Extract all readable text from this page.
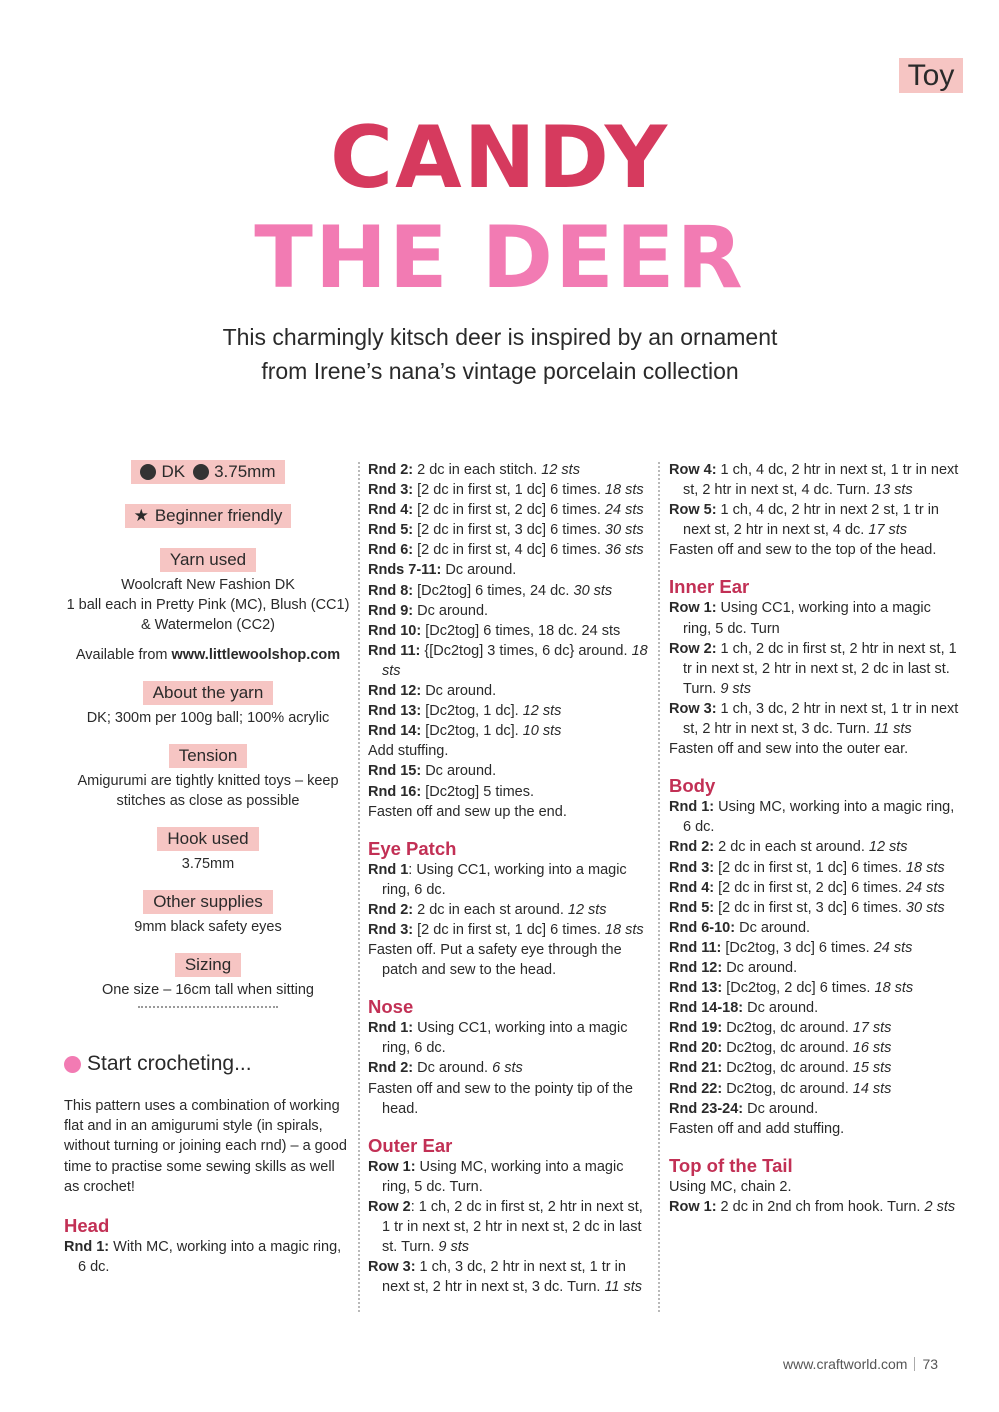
Toy
CANDY
THE DEER
This charmingly kitsch deer is inspired by an ornament from Irene’s nana’s vintage porcelain collection
DK 3.75mm
★ Beginner friendly
Yarn used

Woolcraft New Fashion DK

1 ball each in Pretty Pink (MC), Blush (CC1)

& Watermelon (CC2)

Available from www.littlewoolshop.com

About the yarn

DK; 300m per 100g ball; 100% acrylic

Tension

Amigurumi are tightly knitted toys – keep

stitches as close as possible

Hook used

3.75mm

Other supplies

9mm black safety eyes

Sizing

One size – 16cm tall when sitting

Start crocheting...
This pattern uses a combination of working flat and in an amigurumi style (in spirals, without turning or joining each rnd) – a good time to practise some sewing skills as well as crochet!
Head
Rnd 1: With MC, working into a magic ring, 6 dc.
Rnd 2: 2 dc in each stitch. 12 sts
Rnd 3: [2 dc in first st, 1 dc] 6 times. 18 sts
Rnd 4: [2 dc in first st, 2 dc] 6 times. 24 sts
Rnd 5: [2 dc in first st, 3 dc] 6 times. 30 sts
Rnd 6: [2 dc in first st, 4 dc] 6 times. 36 sts
Rnds 7-11: Dc around.
Rnd 8: [Dc2tog] 6 times, 24 dc. 30 sts
Rnd 9: Dc around.
Rnd 10: [Dc2tog] 6 times, 18 dc. 24 sts
Rnd 11: {[Dc2tog] 3 times, 6 dc} around. 18 sts
Rnd 12: Dc around.
Rnd 13: [Dc2tog, 1 dc]. 12 sts
Rnd 14: [Dc2tog, 1 dc]. 10 sts
Add stuffing.
Rnd 15: Dc around.
Rnd 16: [Dc2tog] 5 times.
Fasten off and sew up the end.
Eye Patch
Rnd 1: Using CC1, working into a magic ring, 6 dc.
Rnd 2: 2 dc in each st around. 12 sts
Rnd 3: [2 dc in first st, 1 dc] 6 times. 18 sts
Fasten off. Put a safety eye through the patch and sew to the head.
Nose
Rnd 1: Using CC1, working into a magic ring, 6 dc.
Rnd 2: Dc around. 6 sts
Fasten off and sew to the pointy tip of the head.
Outer Ear
Row 1: Using MC, working into a magic ring, 5 dc. Turn.
Row 2: 1 ch, 2 dc in first st, 2 htr in next st, 1 tr in next st, 2 htr in next st, 2 dc in last st. Turn. 9 sts
Row 3: 1 ch, 3 dc, 2 htr in next st, 1 tr in next st, 2 htr in next st, 3 dc. Turn. 11 sts
Row 4: 1 ch, 4 dc, 2 htr in next st, 1 tr in next st, 2 htr in next st, 4 dc. Turn. 13 sts
Row 5: 1 ch, 4 dc, 2 htr in next 2 st, 1 tr in next st, 2 htr in next st, 4 dc. 17 sts
Fasten off and sew to the top of the head.
Inner Ear
Row 1: Using CC1, working into a magic ring, 5 dc. Turn
Row 2: 1 ch, 2 dc in first st, 2 htr in next st, 1 tr in next st, 2 htr in next st, 2 dc in last st. Turn. 9 sts
Row 3: 1 ch, 3 dc, 2 htr in next st, 1 tr in next st, 2 htr in next st, 3 dc. Turn. 11 sts
Fasten off and sew into the outer ear.
Body
Rnd 1: Using MC, working into a magic ring, 6 dc.
Rnd 2: 2 dc in each st around. 12 sts
Rnd 3: [2 dc in first st, 1 dc] 6 times. 18 sts
Rnd 4: [2 dc in first st, 2 dc] 6 times. 24 sts
Rnd 5: [2 dc in first st, 3 dc] 6 times. 30 sts
Rnd 6-10: Dc around.
Rnd 11: [Dc2tog, 3 dc] 6 times. 24 sts
Rnd 12: Dc around.
Rnd 13: [Dc2tog, 2 dc] 6 times. 18 sts
Rnd 14-18: Dc around.
Rnd 19: Dc2tog, dc around. 17 sts
Rnd 20: Dc2tog, dc around. 16 sts
Rnd 21: Dc2tog, dc around. 15 sts
Rnd 22: Dc2tog, dc around. 14 sts
Rnd 23-24: Dc around.
Fasten off and add stuffing.
Top of the Tail
Using MC, chain 2.
Row 1: 2 dc in 2nd ch from hook. Turn. 2 sts
www.craftworld.com 73
